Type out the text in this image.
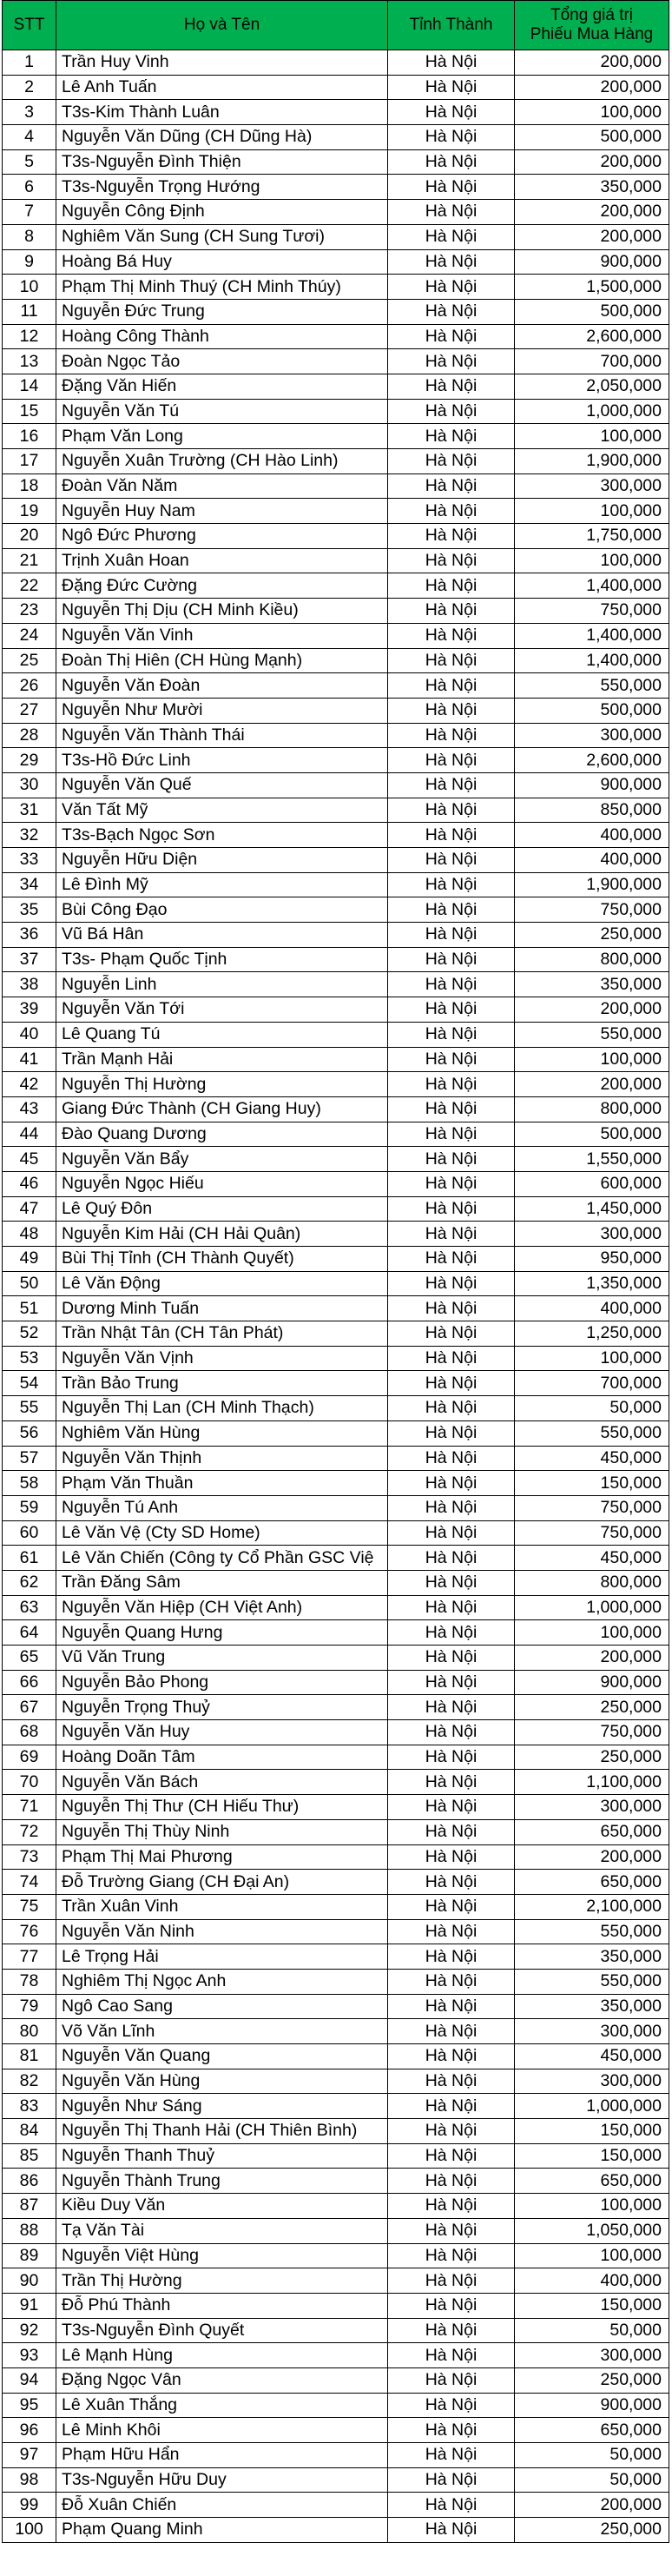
STT	Họ và Tên	Tỉnh Thành	Tổng giá trị
Phiếu Mua Hàng

1	Trần Huy Vinh	Hà Nội	200,000
2	Lê Anh Tuấn	Hà Nội	200,000
3	T3s-Kim Thành Luân	Hà Nội	100,000
4	Nguyễn Văn Dũng (CH Dũng Hà)	Hà Nội	500,000
5	T3s-Nguyễn Đình Thiện	Hà Nội	200,000
6	T3s-Nguyễn Trọng Hướng	Hà Nội	350,000
7	Nguyễn Công Định	Hà Nội	200,000
8	Nghiêm Văn Sung (CH Sung Tươi)	Hà Nội	200,000
9	Hoàng Bá Huy	Hà Nội	900,000
10	Phạm Thị Minh Thuý (CH Minh Thúy)	Hà Nội	1,500,000
11	Nguyễn Đức Trung	Hà Nội	500,000
12	Hoàng Công Thành	Hà Nội	2,600,000
13	Đoàn Ngọc Tảo	Hà Nội	700,000
14	Đặng Văn Hiến	Hà Nội	2,050,000
15	Nguyễn Văn Tú	Hà Nội	1,000,000
16	Phạm Văn Long	Hà Nội	100,000
17	Nguyễn Xuân Trường (CH Hào Linh)	Hà Nội	1,900,000
18	Đoàn Văn Năm	Hà Nội	300,000
19	Nguyễn Huy Nam	Hà Nội	100,000
20	Ngô Đức Phương	Hà Nội	1,750,000
21	Trịnh Xuân Hoan	Hà Nội	100,000
22	Đặng Đức Cường	Hà Nội	1,400,000
23	Nguyễn Thị Dịu (CH Minh Kiều)	Hà Nội	750,000
24	Nguyễn Văn Vinh	Hà Nội	1,400,000
25	Đoàn Thị Hiên (CH Hùng Mạnh)	Hà Nội	1,400,000
26	Nguyễn Văn Đoàn	Hà Nội	550,000
27	Nguyễn Như Mười	Hà Nội	500,000
28	Nguyễn Văn Thành Thái	Hà Nội	300,000
29	T3s-Hồ Đức Linh	Hà Nội	2,600,000
30	Nguyễn Văn Quế	Hà Nội	900,000
31	Văn Tất Mỹ	Hà Nội	850,000
32	T3s-Bạch Ngọc Sơn	Hà Nội	400,000
33	Nguyễn Hữu Diện	Hà Nội	400,000
34	Lê Đình Mỹ	Hà Nội	1,900,000
35	Bùi Công Đạo	Hà Nội	750,000
36	Vũ Bá Hân	Hà Nội	250,000
37	T3s- Phạm Quốc Tịnh	Hà Nội	800,000
38	Nguyễn Linh	Hà Nội	350,000
39	Nguyễn Văn Tới	Hà Nội	200,000
40	Lê Quang Tú	Hà Nội	550,000
41	Trần Mạnh Hải	Hà Nội	100,000
42	Nguyễn Thị Hường	Hà Nội	200,000
43	Giang Đức Thành (CH Giang Huy)	Hà Nội	800,000
44	Đào Quang Dương	Hà Nội	500,000
45	Nguyễn Văn Bẩy	Hà Nội	1,550,000
46	Nguyễn Ngọc Hiếu	Hà Nội	600,000
47	Lê Quý Đôn	Hà Nội	1,450,000
48	Nguyễn Kim Hải (CH Hải Quân)	Hà Nội	300,000
49	Bùi Thị Tỉnh (CH Thành Quyết)	Hà Nội	950,000
50	Lê Văn Động	Hà Nội	1,350,000
51	Dương Minh Tuấn	Hà Nội	400,000
52	Trần Nhật Tân (CH Tân Phát)	Hà Nội	1,250,000
53	Nguyễn Văn Vịnh	Hà Nội	100,000
54	Trần Bảo Trung	Hà Nội	700,000
55	Nguyễn Thị Lan (CH Minh Thạch)	Hà Nội	50,000
56	Nghiêm Văn Hùng	Hà Nội	550,000
57	Nguyễn Văn Thịnh	Hà Nội	450,000
58	Phạm Văn Thuần	Hà Nội	150,000
59	Nguyễn Tú Anh	Hà Nội	750,000
60	Lê Văn Vệ (Cty SD Home)	Hà Nội	750,000
61	Lê Văn Chiến (Công ty Cổ Phần GSC Việ	Hà Nội	450,000
62	Trần Đăng Sâm	Hà Nội	800,000
63	Nguyễn Văn Hiệp (CH Việt Anh)	Hà Nội	1,000,000
64	Nguyễn Quang Hưng	Hà Nội	100,000
65	Vũ Văn Trung	Hà Nội	200,000
66	Nguyễn Bảo Phong	Hà Nội	900,000
67	Nguyễn Trọng Thuỷ	Hà Nội	250,000
68	Nguyễn Văn Huy	Hà Nội	750,000
69	Hoàng Doãn Tâm	Hà Nội	250,000
70	Nguyễn Văn Bách	Hà Nội	1,100,000
71	Nguyễn Thị Thư (CH Hiếu Thư)	Hà Nội	300,000
72	Nguyễn Thị Thùy Ninh	Hà Nội	650,000
73	Phạm Thị Mai Phương	Hà Nội	200,000
74	Đỗ Trường Giang (CH Đại An)	Hà Nội	650,000
75	Trần Xuân Vinh	Hà Nội	2,100,000
76	Nguyễn Văn Ninh	Hà Nội	550,000
77	Lê Trọng Hải	Hà Nội	350,000
78	Nghiêm Thị Ngọc Anh	Hà Nội	550,000
79	Ngô Cao Sang	Hà Nội	350,000
80	Võ Văn Lĩnh	Hà Nội	300,000
81	Nguyễn Văn Quang	Hà Nội	450,000
82	Nguyễn Văn Hùng	Hà Nội	300,000
83	Nguyễn Như Sáng	Hà Nội	1,000,000
84	Nguyễn Thị Thanh Hải (CH Thiên Bình)	Hà Nội	150,000
85	Nguyễn Thanh Thuỷ	Hà Nội	150,000
86	Nguyễn Thành Trung	Hà Nội	650,000
87	Kiều Duy Văn	Hà Nội	100,000
88	Tạ Văn Tài	Hà Nội	1,050,000
89	Nguyễn Việt Hùng	Hà Nội	100,000
90	Trần Thị Hường	Hà Nội	400,000
91	Đỗ Phú Thành	Hà Nội	150,000
92	T3s-Nguyễn Đình Quyết	Hà Nội	50,000
93	Lê Mạnh Hùng	Hà Nội	300,000
94	Đặng Ngọc Vân	Hà Nội	250,000
95	Lê Xuân Thắng	Hà Nội	900,000
96	Lê Minh Khôi	Hà Nội	650,000
97	Phạm Hữu Hẩn	Hà Nội	50,000
98	T3s-Nguyễn Hữu Duy	Hà Nội	50,000
99	Đỗ Xuân Chiến	Hà Nội	200,000
100	Phạm Quang Minh	Hà Nội	250,000
